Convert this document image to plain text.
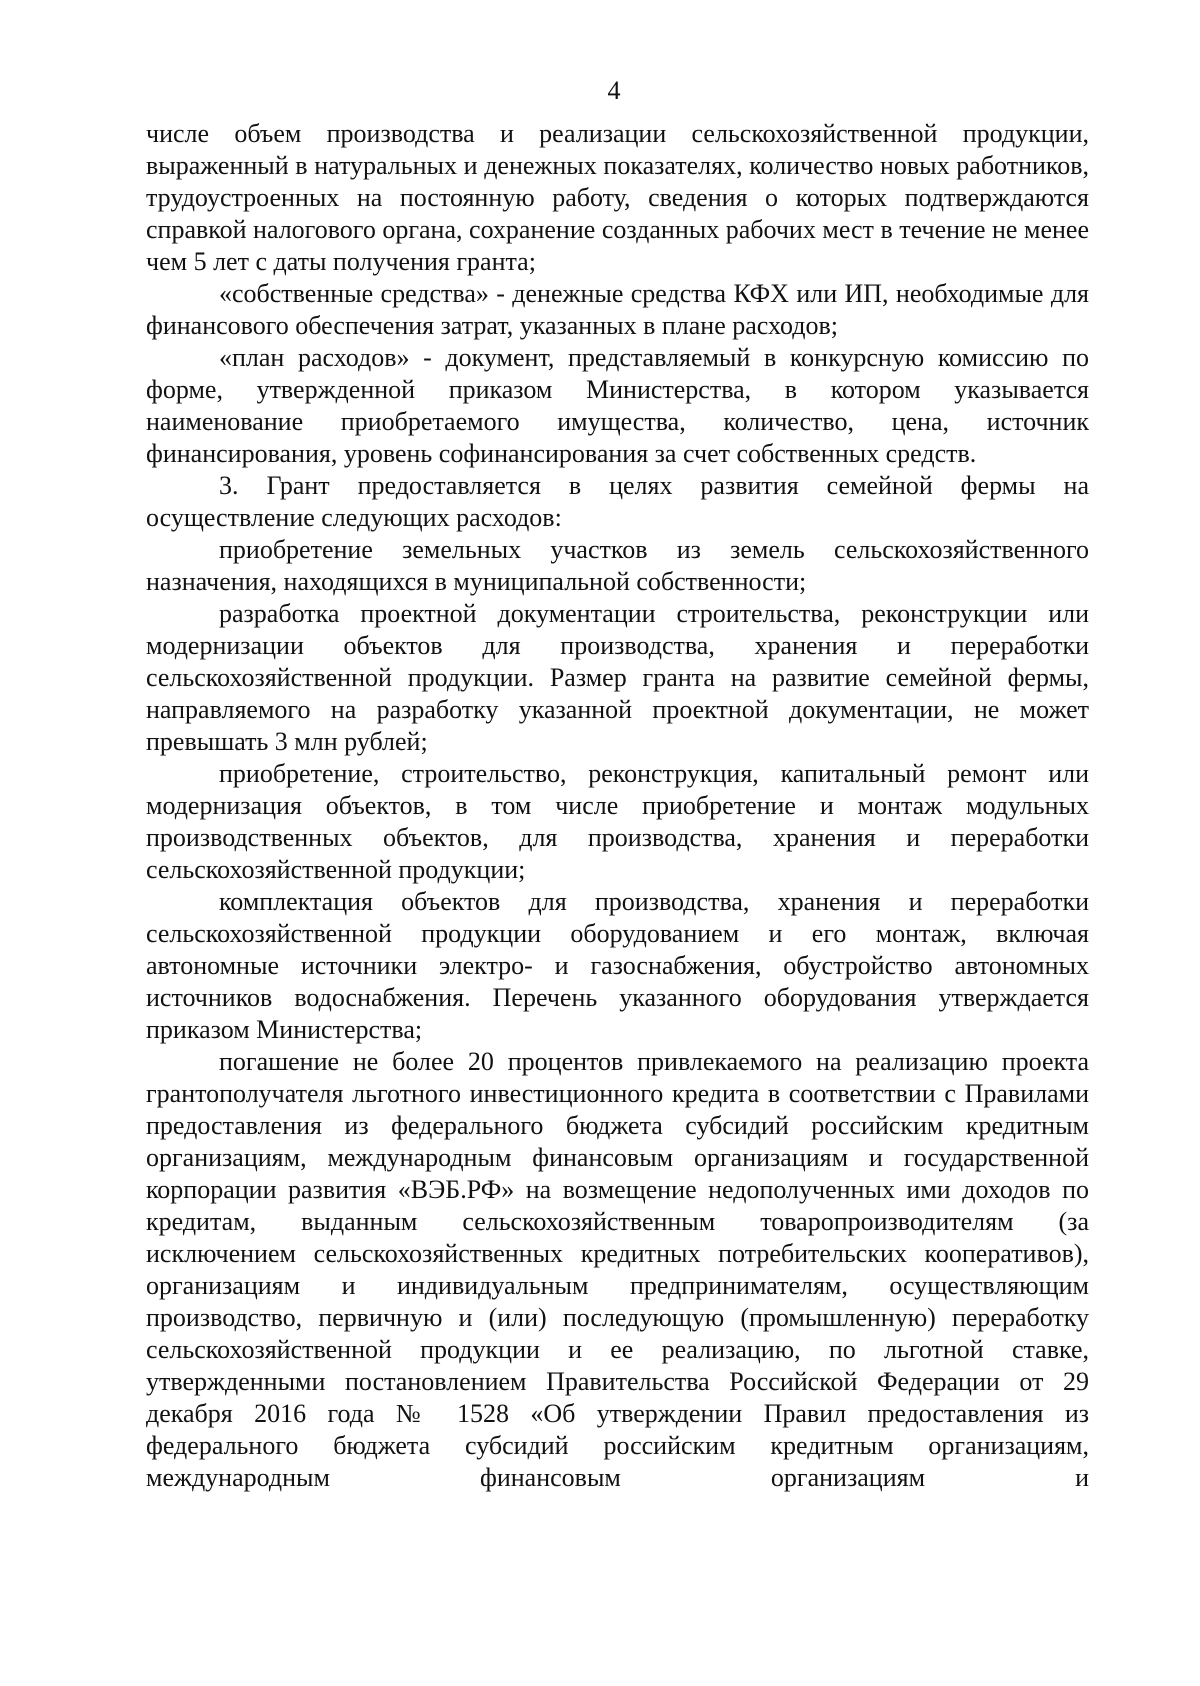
4

числе объем производства и реализации сельскохозяйственной продукции, выраженный в натуральных и денежных показателях, количество новых работников, трудоустроенных на постоянную работу, сведения о которых подтверждаются справкой налогового органа, сохранение созданных рабочих мест в течение не менее чем 5 лет с даты получения гранта;

«собственные средства» - денежные средства КФХ или ИП, необходимые для финансового обеспечения затрат, указанных в плане расходов;

«план расходов» - документ, представляемый в конкурсную комиссию по форме, утвержденной приказом Министерства, в котором указывается наименование приобретаемого имущества, количество, цена, источник финансирования, уровень софинансирования за счет собственных средств.

3. Грант предоставляется в целях развития семейной фермы на осуществление следующих расходов:

приобретение земельных участков из земель сельскохозяйственного назначения, находящихся в муниципальной собственности;

разработка проектной документации строительства, реконструкции или модернизации объектов для производства, хранения и переработки сельскохозяйственной продукции. Размер гранта на развитие семейной фермы, направляемого на разработку указанной проектной документации, не может превышать 3 млн рублей;

приобретение, строительство, реконструкция, капитальный ремонт или модернизация объектов, в том числе приобретение и монтаж модульных производственных объектов, для производства, хранения и переработки сельскохозяйственной продукции;

комплектация объектов для производства, хранения и переработки сельскохозяйственной продукции оборудованием и его монтаж, включая автономные источники электро- и газоснабжения, обустройство автономных источников водоснабжения. Перечень указанного оборудования утверждается приказом Министерства;

погашение не более 20 процентов привлекаемого на реализацию проекта грантополучателя льготного инвестиционного кредита в соответствии с Правилами предоставления из федерального бюджета субсидий российским кредитным организациям, международным финансовым организациям и государственной корпорации развития «ВЭБ.РФ» на возмещение недополученных ими доходов по кредитам, выданным сельскохозяйственным товаропроизводителям (за исключением сельскохозяйственных кредитных потребительских кооперативов), организациям и индивидуальным предпринимателям, осуществляющим производство, первичную и (или) последующую (промышленную) переработку сельскохозяйственной продукции и ее реализацию, по льготной ставке, утвержденными постановлением Правительства Российской Федерации от 29 декабря 2016 года № 1528 «Об утверждении Правил предоставления из федерального бюджета субсидий российским кредитным организациям, международным финансовым организациям и
